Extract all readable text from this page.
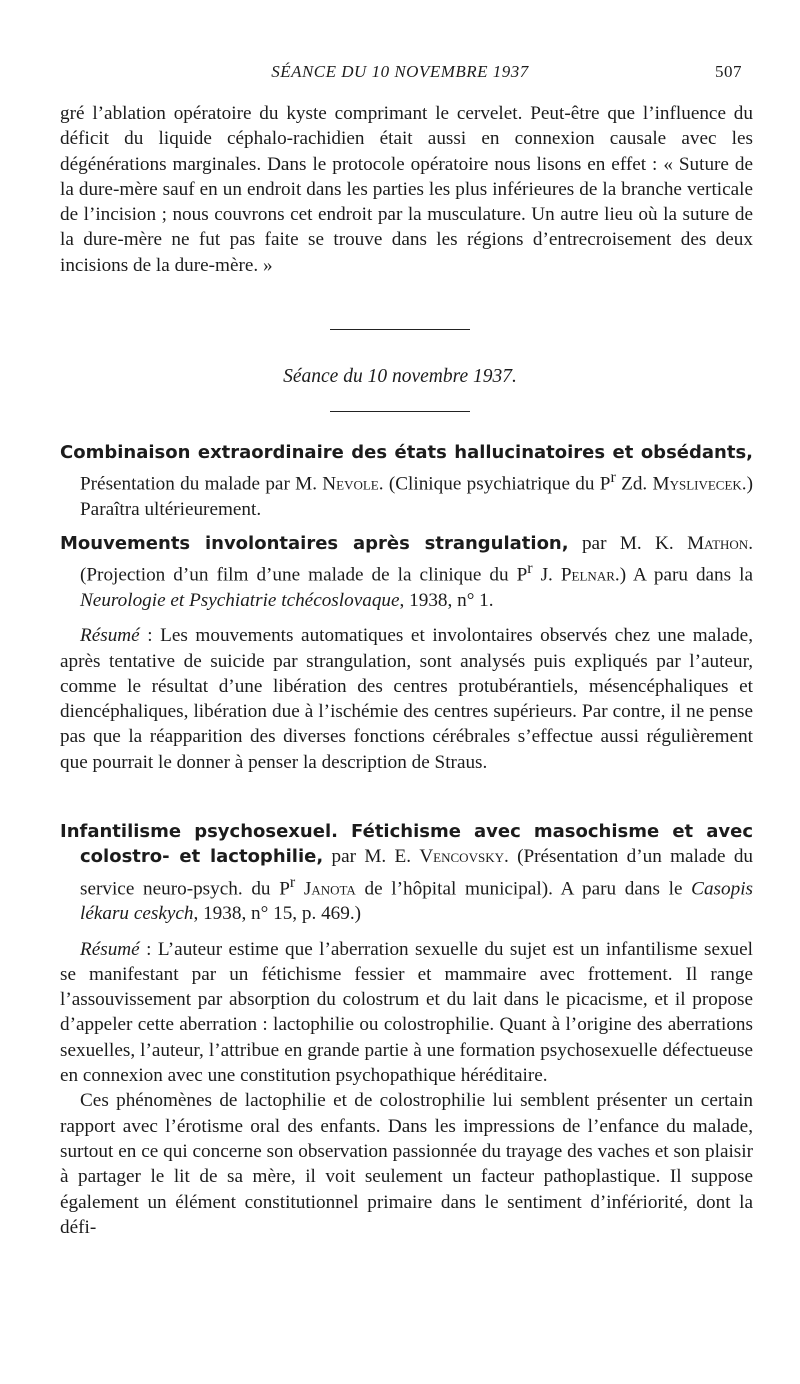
SÉANCE DU 10 NOVEMBRE 1937	507

gré l’ablation opératoire du kyste comprimant le cervelet. Peut-être que l’influence du déficit du liquide céphalo-rachidien était aussi en connexion causale avec les dégénérations marginales. Dans le protocole opératoire nous lisons en effet : « Suture de la dure-mère sauf en un endroit dans les parties les plus inférieures de la branche verticale de l’incision ; nous couvrons cet endroit par la musculature. Un autre lieu où la suture de la dure-mère ne fut pas faite se trouve dans les régions d’entrecroisement des deux incisions de la dure-mère. »

Séance du 10 novembre 1937.

Combinaison extraordinaire des états hallucinatoires et obsédants, Présentation du malade par M. Nevole. (Clinique psychiatrique du $P^r$ Zd. Myslivecek.) Paraîtra ultérieurement.

Mouvements involontaires après strangulation, par M. K. Mathon. (Projection d’un film d’une malade de la clinique du $P^r$ J. Pelnar.) A paru dans la Neurologie et Psychiatrie tchécoslovaque, 1938, n° 1.

Résumé : Les mouvements automatiques et involontaires observés chez une malade, après tentative de suicide par strangulation, sont analysés puis expliqués par l’auteur, comme le résultat d’une libération des centres protubérantiels, mésencéphaliques et diencéphaliques, libération due à l’ischémie des centres supérieurs. Par contre, il ne pense pas que la réapparition des diverses fonctions cérébrales s’effectue aussi régulièrement que pourrait le donner à penser la description de Straus.

Infantilisme psychosexuel. Fétichisme avec masochisme et avec colostro- et lactophilie, par M. E. Vencovsky. (Présentation d’un malade du service neuro-psych. du $P^r$ Janota de l’hôpital municipal). A paru dans le Casopis lékaru ceskych, 1938, n° 15, p. 469.)

Résumé : L’auteur estime que l’aberration sexuelle du sujet est un infantilisme sexuel se manifestant par un fétichisme fessier et mammaire avec frottement. Il range l’assouvissement par absorption du colostrum et du lait dans le picacisme, et il propose d’appeler cette aberration : lactophilie ou colostrophilie. Quant à l’origine des aberrations sexuelles, l’auteur, l’attribue en grande partie à une formation psychosexuelle défectueuse en connexion avec une constitution psychopathique héréditaire.

Ces phénomènes de lactophilie et de colostrophilie lui semblent présenter un certain rapport avec l’érotisme oral des enfants. Dans les impressions de l’enfance du malade, surtout en ce qui concerne son observation passionnée du trayage des vaches et son plaisir à partager le lit de sa mère, il voit seulement un facteur pathoplastique. Il suppose également un élément constitutionnel primaire dans le sentiment d’infériorité, dont la défi-
